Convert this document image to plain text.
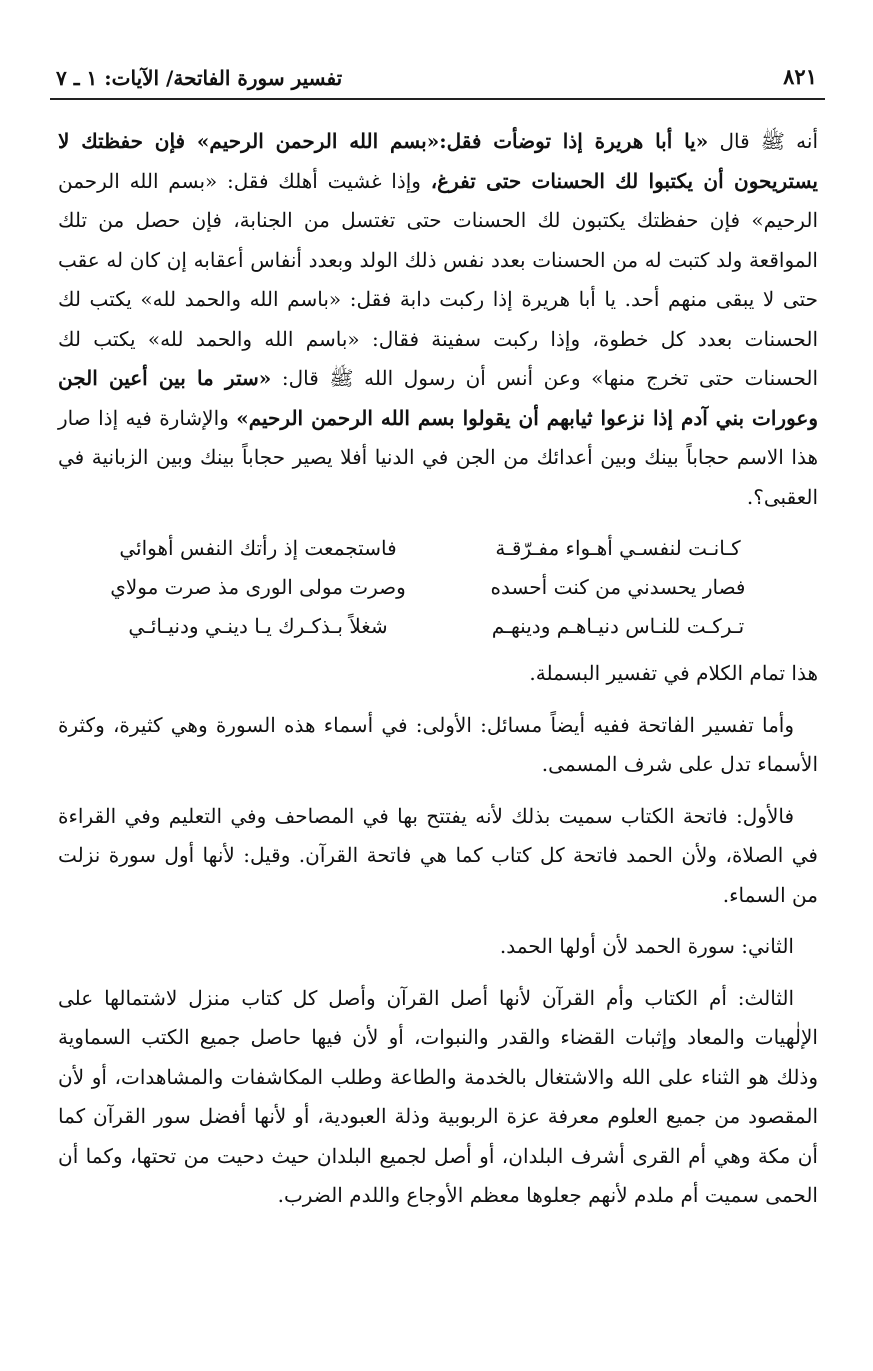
٨٢١
تفسير سورة الفاتحة/ الآيات: ١ ـ ٧

أنه ﷺ قال «يا أبا هريرة إذا توضأت فقل:«بسم الله الرحمن الرحيم» فإن حفظتك لا يستريحون أن يكتبوا لك الحسنات حتى تفرغ، وإذا غشيت أهلك فقل: «بسم الله الرحمن الرحيم» فإن حفظتك يكتبون لك الحسنات حتى تغتسل من الجنابة، فإن حصل من تلك المواقعة ولد كتبت له من الحسنات بعدد نفس ذلك الولد وبعدد أنفاس أعقابه إن كان له عقب حتى لا يبقى منهم أحد. يا أبا هريرة إذا ركبت دابة فقل: «باسم الله والحمد لله» يكتب لك الحسنات بعدد كل خطوة، وإذا ركبت سفينة فقال: «باسم الله والحمد لله» يكتب لك الحسنات حتى تخرج منها» وعن أنس أن رسول الله ﷺ قال: «ستر ما بين أعين الجن وعورات بني آدم إذا نزعوا ثيابهم أن يقولوا بسم الله الرحمن الرحيم» والإشارة فيه إذا صار هذا الاسم حجاباً بينك وبين أعدائك من الجن في الدنيا أفلا يصير حجاباً بينك وبين الزبانية في العقبى؟.

كـانـت لنفسـي أهـواء مفـرّقـة
فاستجمعت إذ رأتك النفس أهوائي
فصار يحسدني من كنت أحسده
وصرت مولى الورى مذ صرت مولاي
تـركـت للنـاس دنيـاهـم ودينهـم
شغلاً بـذكـرك يـا دينـي ودنيـائـي

هذا تمام الكلام في تفسير البسملة.

وأما تفسير الفاتحة ففيه أيضاً مسائل: الأولى: في أسماء هذه السورة وهي كثيرة، وكثرة الأسماء تدل على شرف المسمى.

فالأول: فاتحة الكتاب سميت بذلك لأنه يفتتح بها في المصاحف وفي التعليم وفي القراءة في الصلاة، ولأن الحمد فاتحة كل كتاب كما هي فاتحة القرآن. وقيل: لأنها أول سورة نزلت من السماء.

الثاني: سورة الحمد لأن أولها الحمد.

الثالث: أم الكتاب وأم القرآن لأنها أصل القرآن وأصل كل كتاب منزل لاشتمالها على الإلٰهيات والمعاد وإثبات القضاء والقدر والنبوات، أو لأن فيها حاصل جميع الكتب السماوية وذلك هو الثناء على الله والاشتغال بالخدمة والطاعة وطلب المكاشفات والمشاهدات، أو لأن المقصود من جميع العلوم معرفة عزة الربوبية وذلة العبودية، أو لأنها أفضل سور القرآن كما أن مكة وهي أم القرى أشرف البلدان، أو أصل لجميع البلدان حيث دحيت من تحتها، وكما أن الحمى سميت أم ملدم لأنهم جعلوها معظم الأوجاع واللدم الضرب.
